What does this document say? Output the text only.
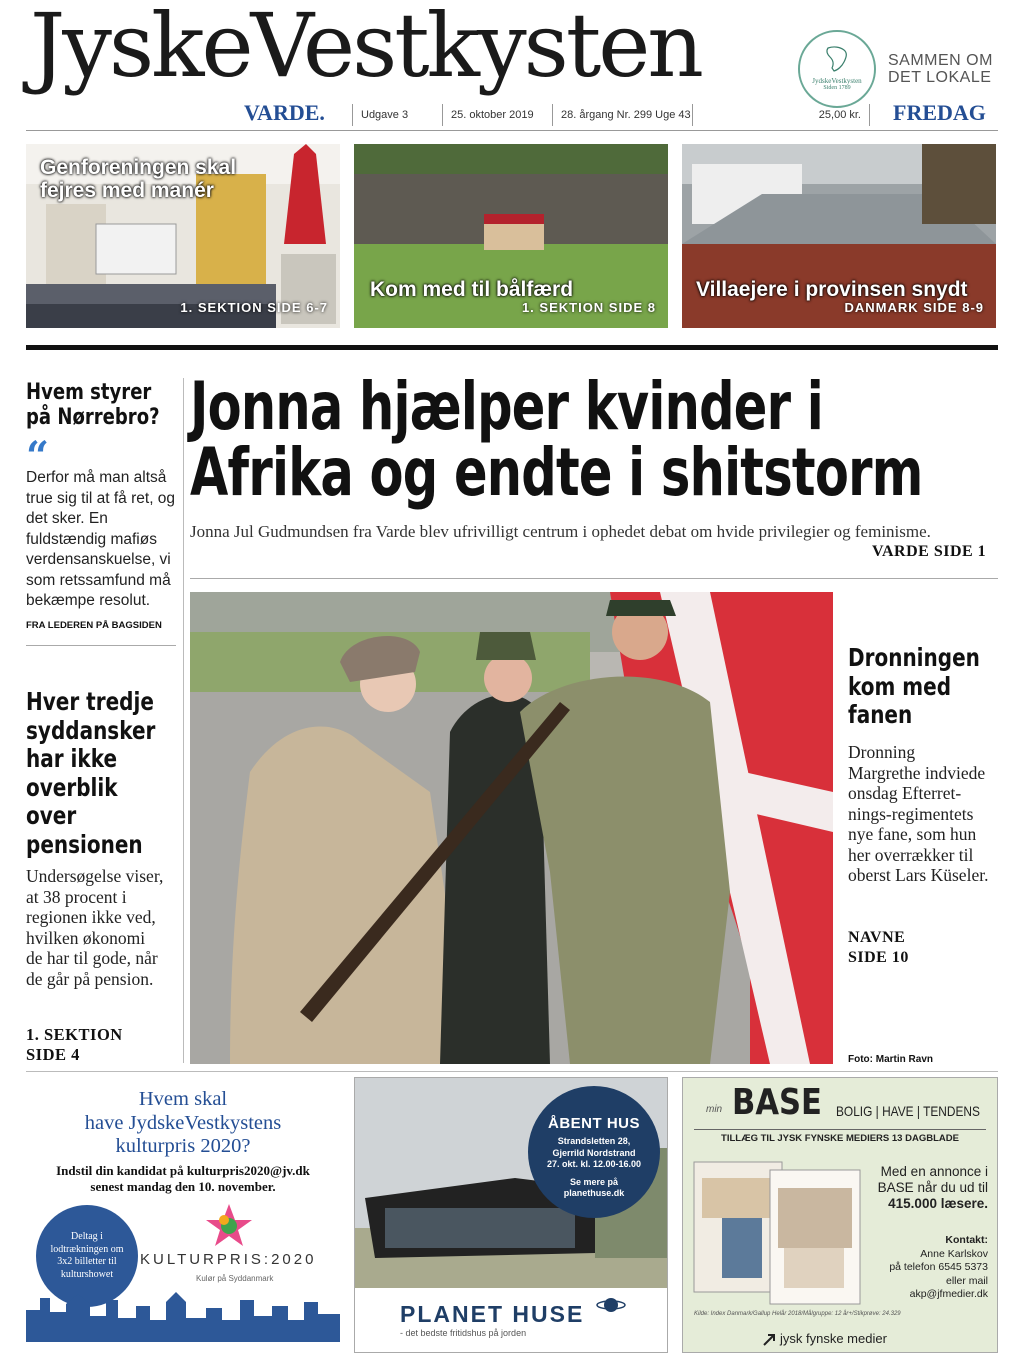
JyskeVestkysten	JydskeVestkysten
Siden 1789
SAMMEN OM
DET LOKALE
VARDE.	Udgave 3	25. oktober 2019	28. årgang Nr. 299 Uge 43	25,00 kr.	FREDAG
Genforeningen skal
fejres med manér
1. SEKTION SIDE 6-7
Kom med til bålfærd
1. SEKTION SIDE 8
Villaejere i provinsen snydt
DANMARK SIDE 8-9
Hvem styrer
på Nørrebro?
“
Derfor må man altså true sig til at få ret, og det sker. En fuldstændig mafiøs verdensanskuelse, vi som retssamfund må bekæmpe resolut.
FRA LEDEREN PÅ BAGSIDEN
Hver tredje
syddansker
har ikke
overblik
over
pensionen
Undersøgelse viser,
at 38 procent i
regionen ikke ved,
hvilken økonomi
de har til gode, når
de går på pension.
1. SEKTION
SIDE 4
Jonna hjælper kvinder i
Afrika og endte i shitstorm
Jonna Jul Gudmundsen fra Varde blev ufrivilligt centrum i ophedet debat om hvide privilegier og feminisme.
VARDE SIDE 1
Dronningen
kom med
fanen
Dronning
Margrethe indviede
onsdag Efterret-
nings-regimentets
nye fane, som hun
her overrækker til
oberst Lars Küseler.
NAVNE
SIDE 10
Foto: Martin Ravn
Hvem skal
have JydskeVestkystens
kulturpris 2020?
Indstil din kandidat på kulturpris2020@jv.dk
senest mandag den 10. november.
Deltag i lodtrækningen om 3x2 billetter til kulturshowet
KULTURPRIS:2020
Kulør på Syddanmark
ÅBENT HUS
Strandsletten 28,
Gjerrild Nordstrand
27. okt. kl. 12.00-16.00
Se mere på
planethuse.dk
PLANET HUSE
- det bedste fritidshus på jorden
min BASE BOLIG | HAVE | TENDENS
TILLÆG TIL JYSK FYNSKE MEDIERS 13 DAGBLADE
Med en annonce i
BASE når du ud til
415.000 læsere.
Kontakt:
Anne Karlskov
på telefon 6545 5373
eller mail
akp@jfmedier.dk
Kilde: Index Danmark/Gallup Helår 2018/Målgruppe: 12 år+/Stikprøve: 24.329
jysk fynske medier
